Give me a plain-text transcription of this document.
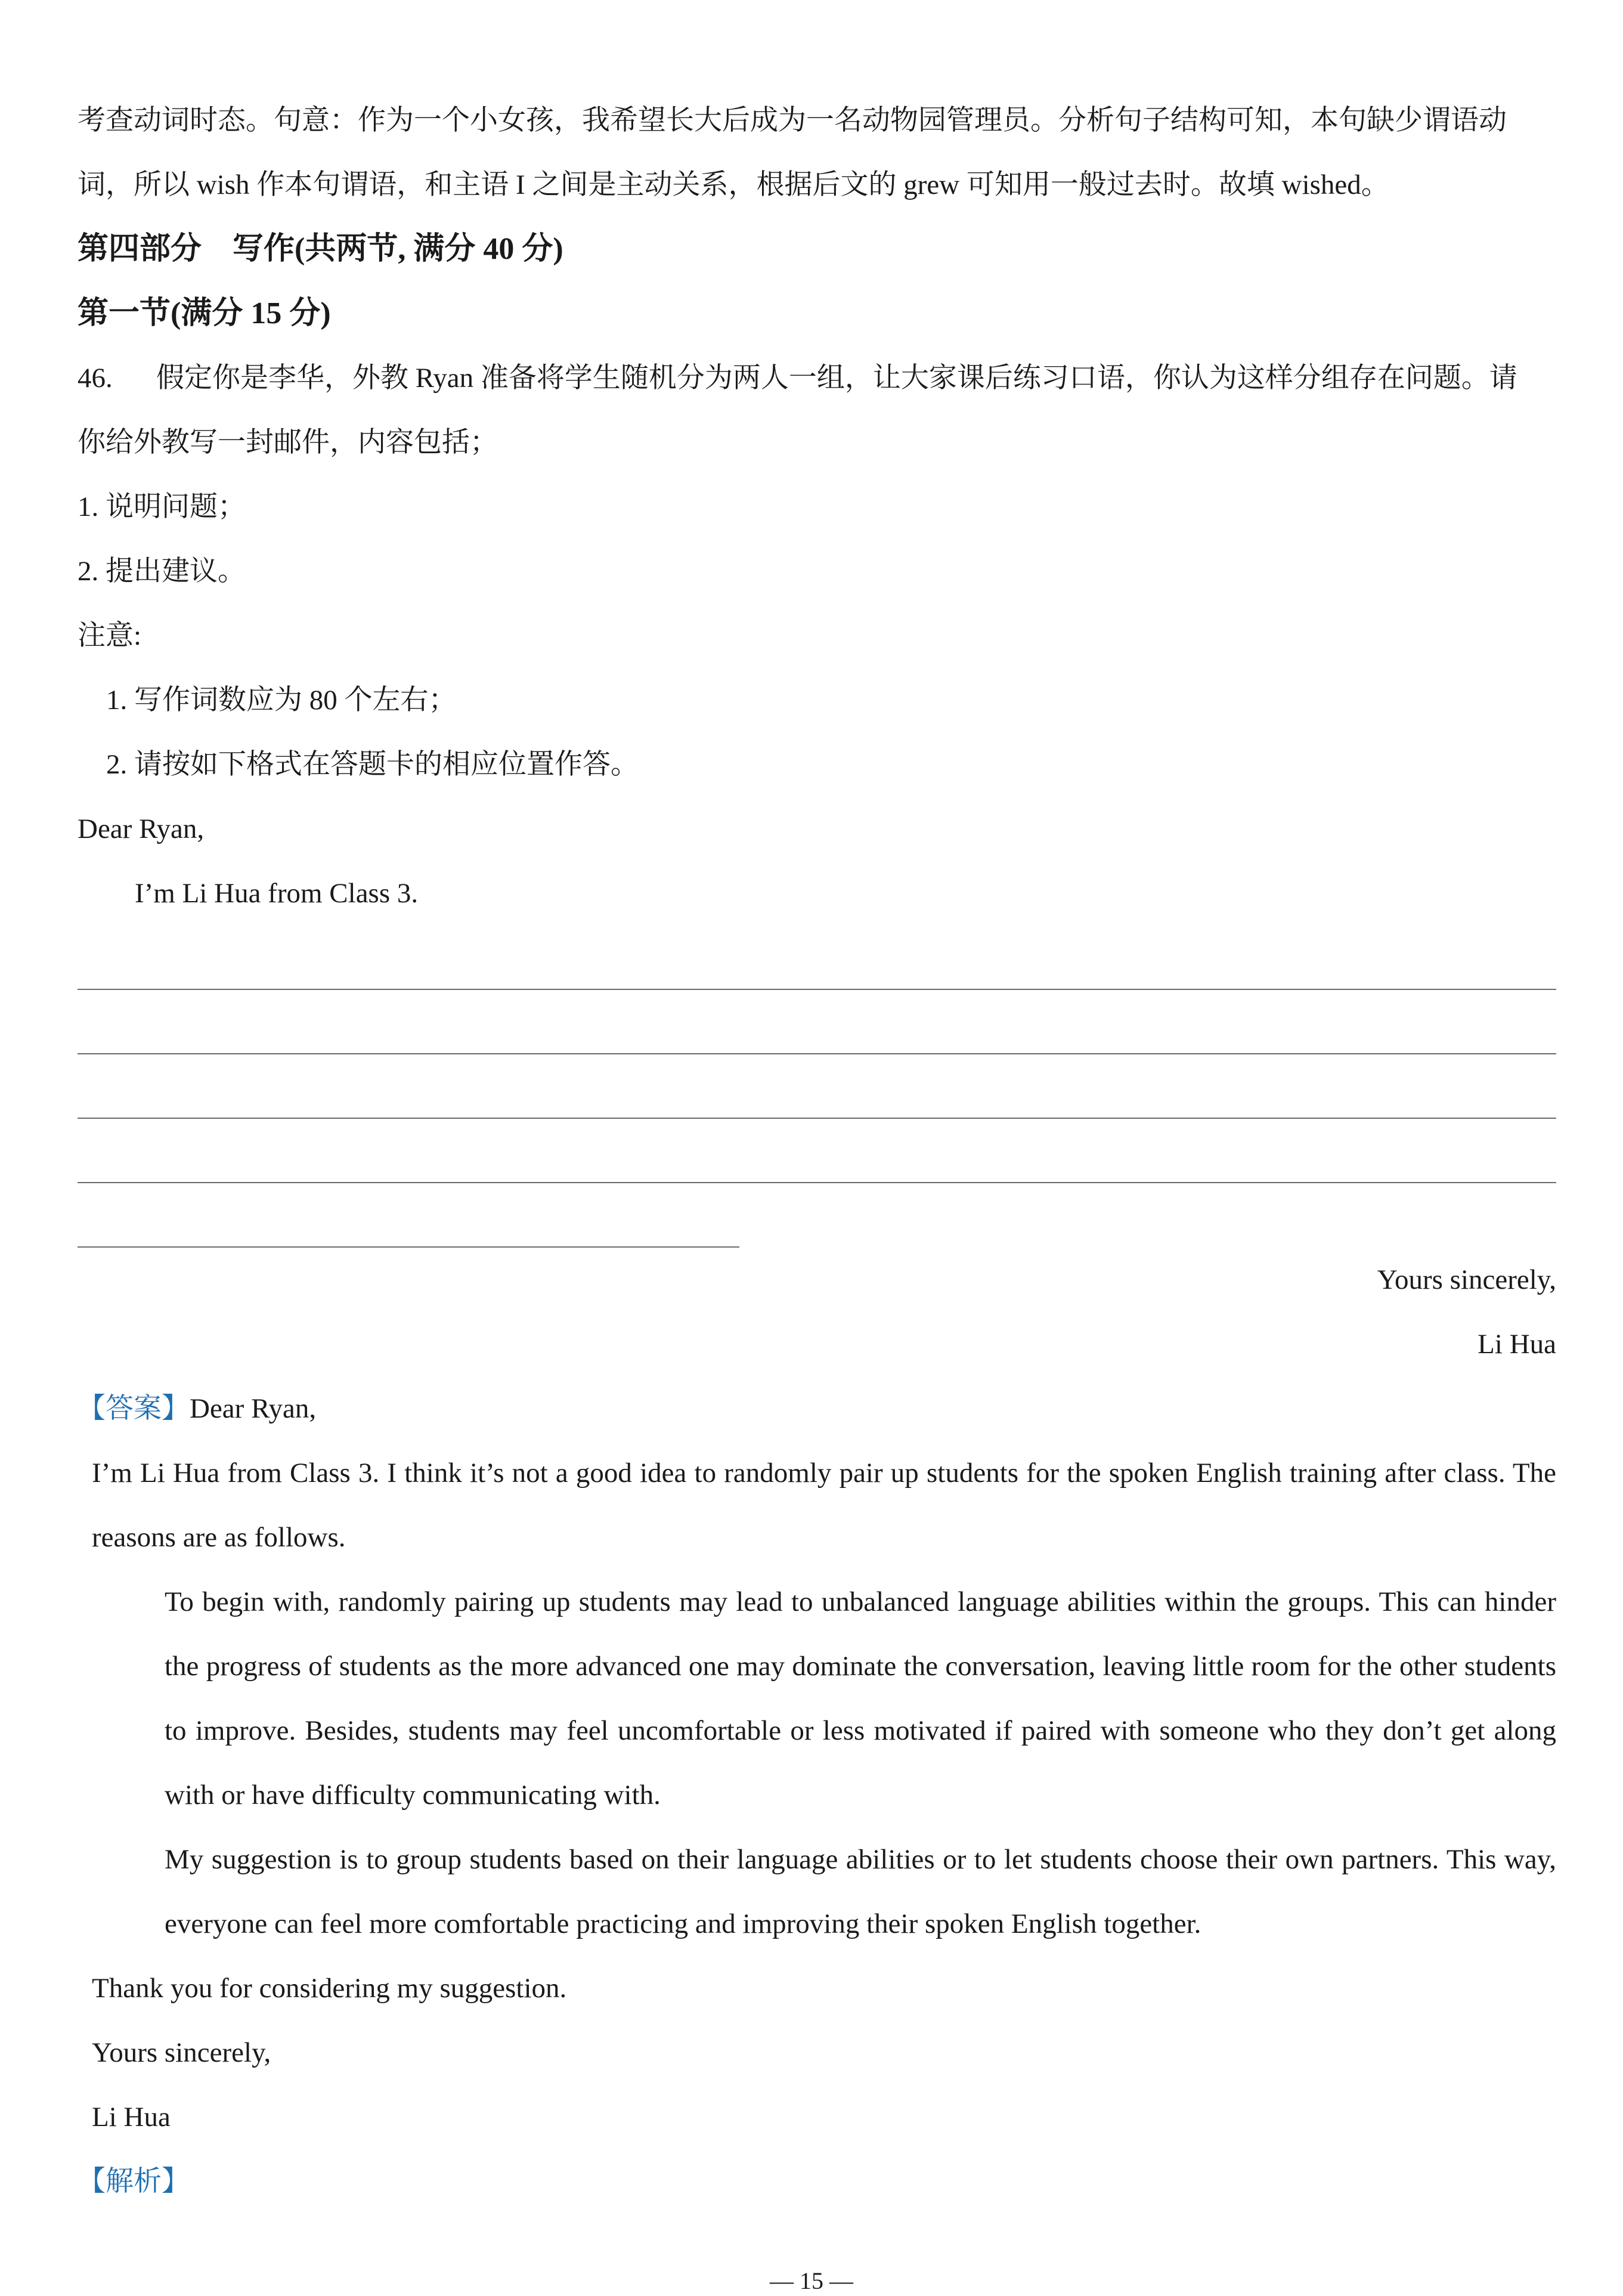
考查动词时态。句意：作为一个小女孩，我希望长大后成为一名动物园管理员。分析句子结构可知，本句缺少谓语动
词，所以 wish 作本句谓语，和主语 I 之间是主动关系，根据后文的 grew 可知用一般过去时。故填 wished。
第四部分　写作(共两节, 满分 40 分)
第一节(满分 15 分)
46. 假定你是李华，外教 Ryan 准备将学生随机分为两人一组，让大家课后练习口语，你认为这样分组存在问题。请
你给外教写一封邮件，内容包括；
1. 说明问题；
2. 提出建议。
注意:
1. 写作词数应为 80 个左右；
2. 请按如下格式在答题卡的相应位置作答。
Dear Ryan,
I’m Li Hua from Class 3.
Yours sincerely,
Li Hua
【答案】Dear Ryan,
I’m Li Hua from Class 3. I think it’s not a good idea to randomly pair up students for the spoken English training after class. The reasons are as follows.
To begin with, randomly pairing up students may lead to unbalanced language abilities within the groups. This can hinder the progress of students as the more advanced one may dominate the conversation, leaving little room for the other students to improve. Besides, students may feel uncomfortable or less motivated if paired with someone who they don’t get along with or have difficulty communicating with.
My suggestion is to group students based on their language abilities or to let students choose their own partners. This way, everyone can feel more comfortable practicing and improving their spoken English together.
Thank you for considering my suggestion.
Yours sincerely,
Li Hua
【解析】
— 15 —
